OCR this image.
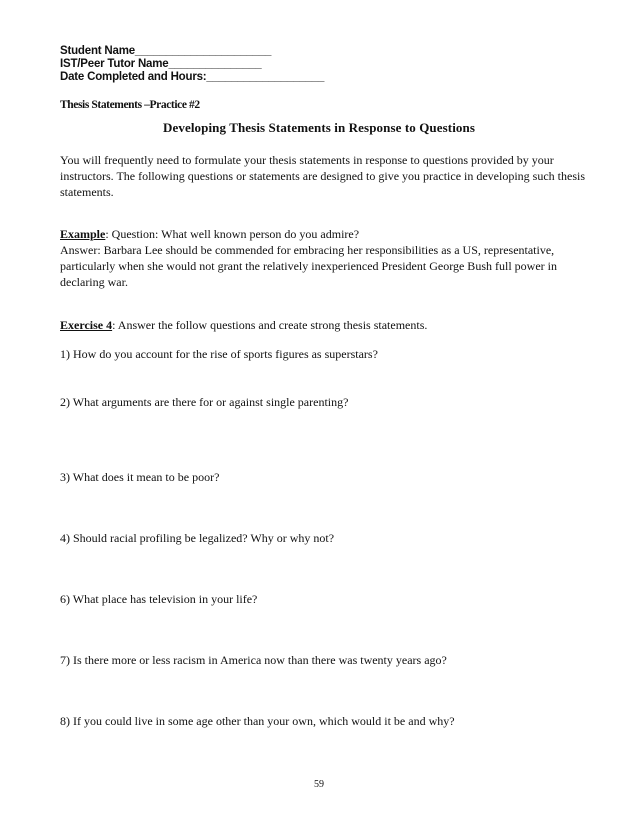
Student Name______________________
IST/Peer Tutor Name_______________
Date Completed and Hours:___________________
Thesis Statements –Practice #2
Developing Thesis Statements in Response to Questions
You will frequently need to formulate your thesis statements in response to questions provided by your instructors. The following questions or statements are designed to give you practice in developing such thesis statements.
Example: Question: What well known person do you admire?
Answer: Barbara Lee should be commended for embracing her responsibilities as a US, representative, particularly when she would not grant the relatively inexperienced President George Bush full power in declaring war.
Exercise 4: Answer the follow questions and create strong thesis statements.
1) How do you account for the rise of sports figures as superstars?
2) What arguments are there for or against single parenting?
3) What does it mean to be poor?
4) Should racial profiling be legalized? Why or why not?
6) What place has television in your life?
7) Is there more or less racism in America now than there was twenty years ago?
8) If you could live in some age other than your own, which would it be and why?
59
